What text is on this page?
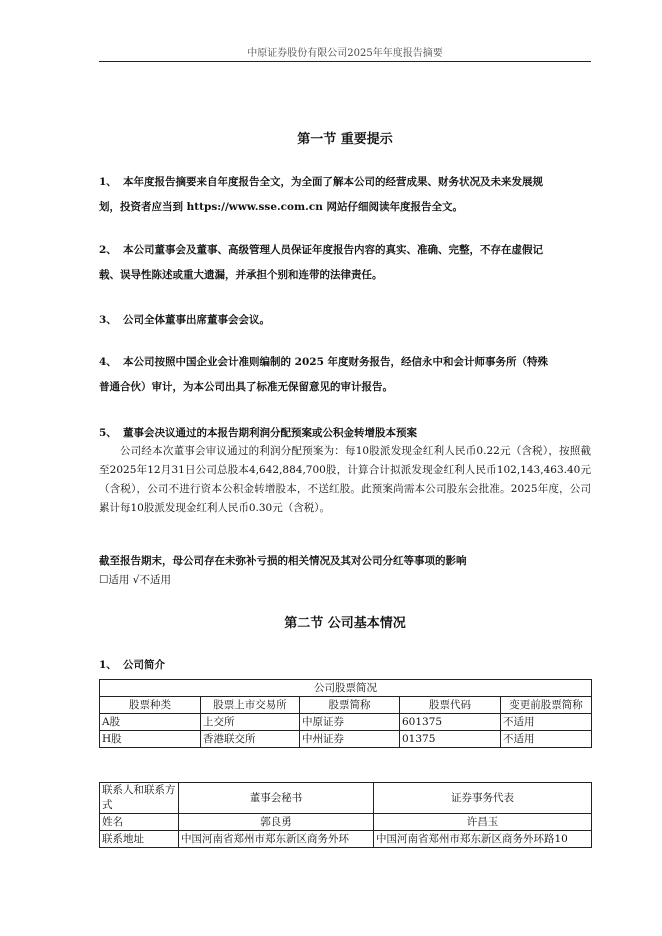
中原证券股份有限公司2025年年度报告摘要
第一节 重要提示
1、 本年度报告摘要来自年度报告全文，为全面了解本公司的经营成果、财务状况及未来发展规
划，投资者应当到 https://www.sse.com.cn 网站仔细阅读年度报告全文。
2、 本公司董事会及董事、高级管理人员保证年度报告内容的真实、准确、完整，不存在虚假记
载、误导性陈述或重大遗漏，并承担个别和连带的法律责任。
3、 公司全体董事出席董事会会议。
4、 本公司按照中国企业会计准则编制的 2025 年度财务报告，经信永中和会计师事务所（特殊
普通合伙）审计，为本公司出具了标准无保留意见的审计报告。
5、 董事会决议通过的本报告期利润分配预案或公积金转增股本预案
公司经本次董事会审议通过的利润分配预案为：每10股派发现金红利人民币0.22元（含税），按照截至2025年12月31日公司总股本4,642,884,700股，计算合计拟派发现金红利人民币102,143,463.40元（含税），公司不进行资本公积金转增股本，不送红股。此预案尚需本公司股东会批准。2025年度，公司累计每10股派发现金红利人民币0.30元（含税）。
截至报告期末，母公司存在未弥补亏损的相关情况及其对公司分红等事项的影响
☐适用 √不适用
第二节 公司基本情况
1、 公司简介
公司股票简况				
股票种类	股票上市交易所	股票简称	股票代码	变更前股票简称
A股	上交所	中原证券	601375	不适用
H股	香港联交所	中州证券	01375	不适用
联系人和联系方式	董事会秘书	证券事务代表
姓名	郭良勇	许昌玉
联系地址	中国河南省郑州市郑东新区商务外环	中国河南省郑州市郑东新区商务外环路10
